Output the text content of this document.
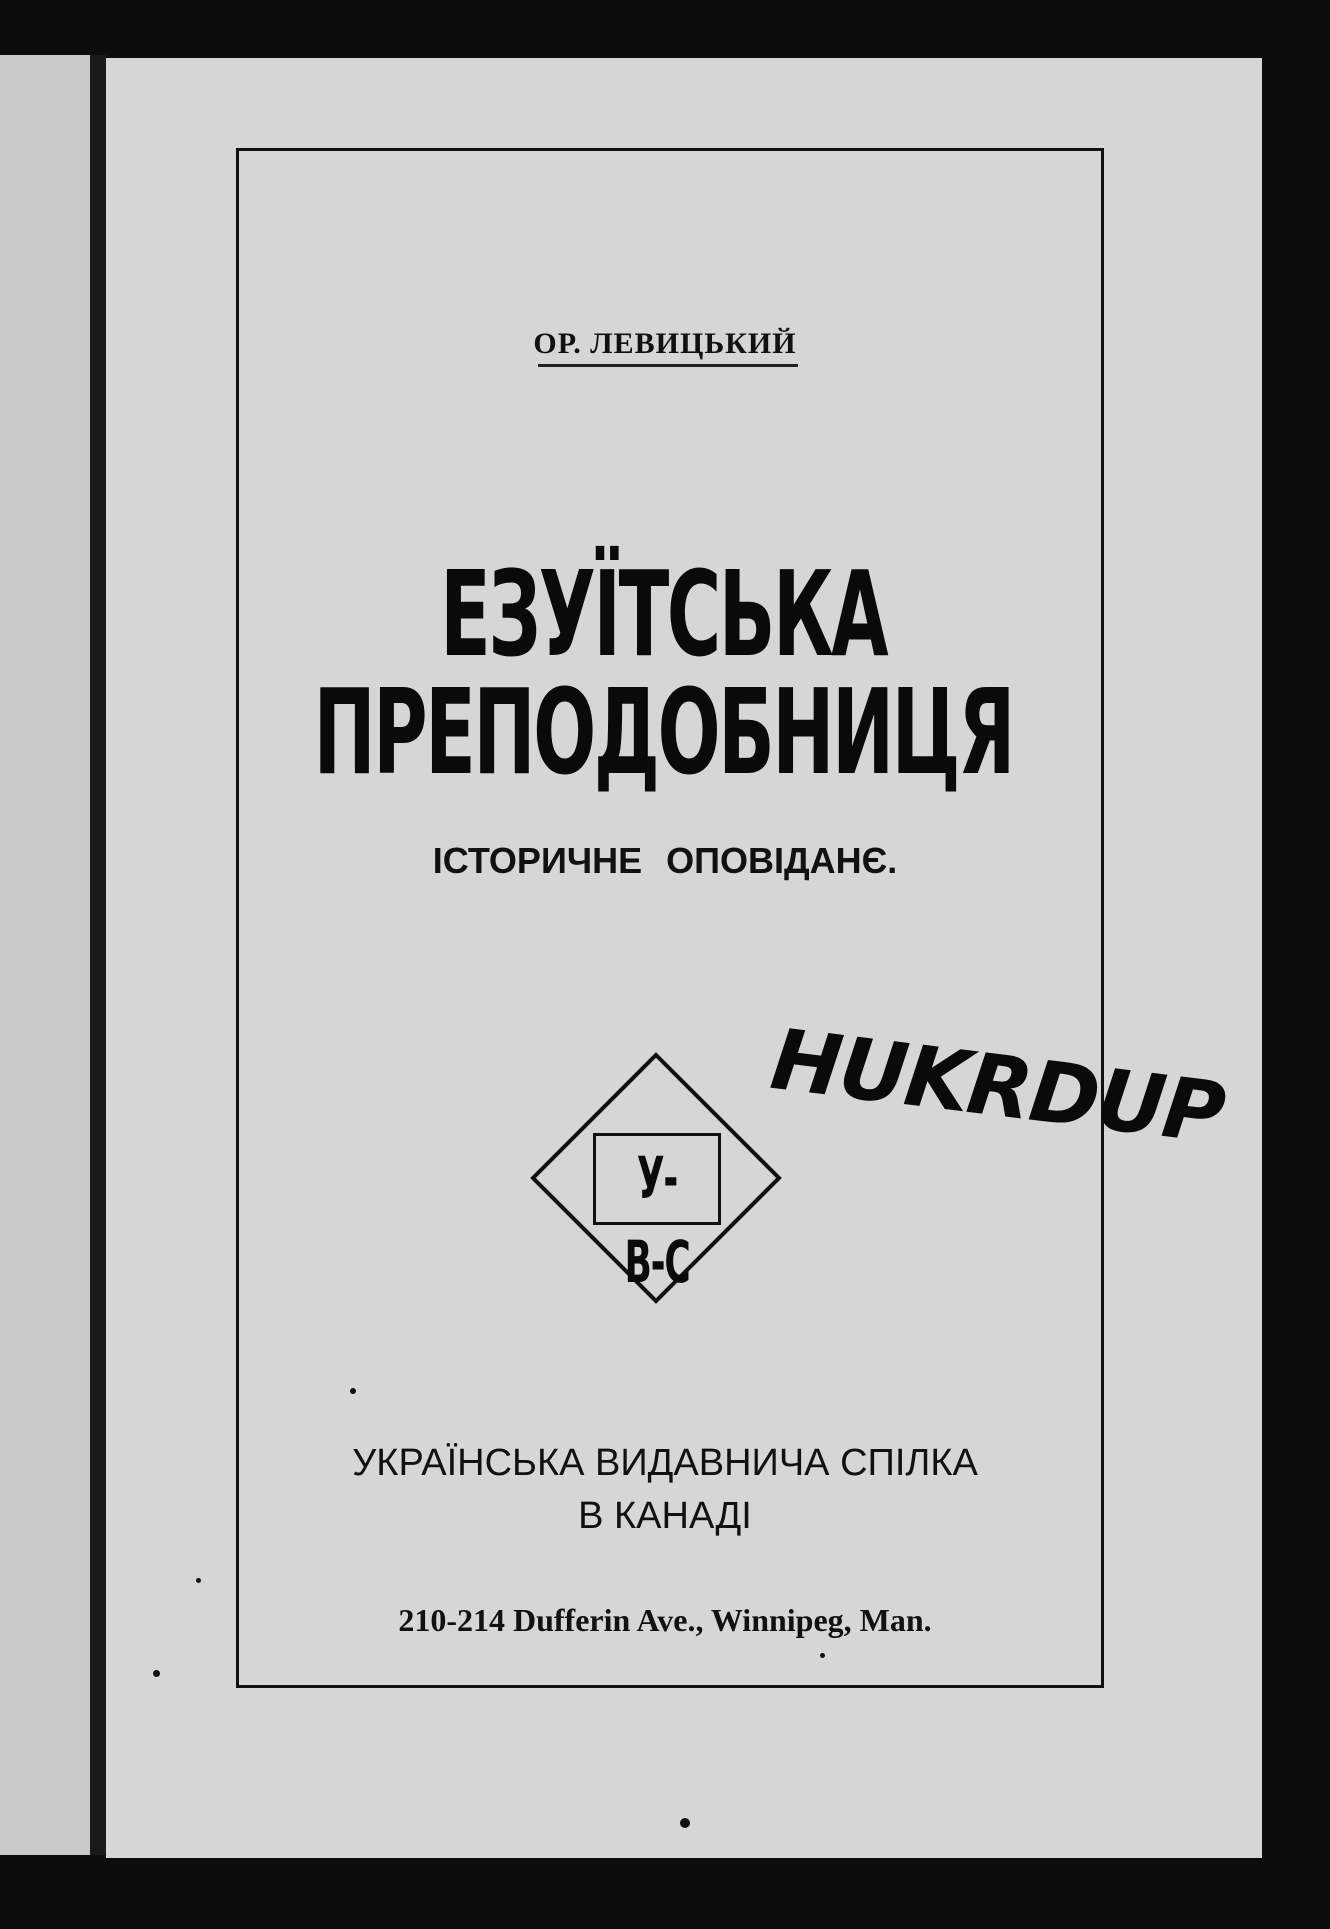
ОР. ЛЕВИЦЬКИЙ
ЕЗУЇТСЬКА ПРЕПОДОБНИЦЯ
ІСТОРИЧНЕ ОПОВІДАНЄ.
HUKRDUP
У-В-С
УКРАЇНСЬКА ВИДАВНИЧА СПІЛКА
В КАНАДІ
210-214 Dufferin Ave., Winnipeg, Man.
